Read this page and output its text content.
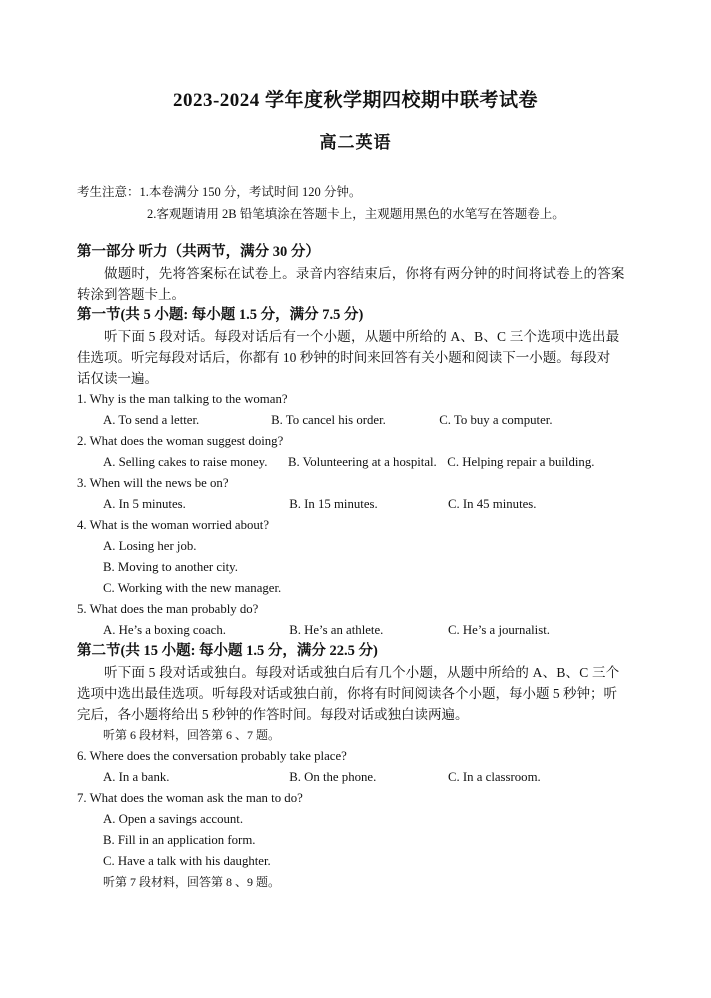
2023-2024 学年度秋学期四校期中联考试卷
高二英语
考生注意：1.本卷满分 150 分，考试时间 120 分钟。
2.客观题请用 2B 铅笔填涂在答题卡上，主观题用黑色的水笔写在答题卷上。
第一部分 听力（共两节，满分 30 分）
做题时，先将答案标在试卷上。录音内容结束后，你将有两分钟的时间将试卷上的答案
转涂到答题卡上。
第一节(共 5 小题: 每小题 1.5 分，满分 7.5 分)
听下面 5 段对话。每段对话后有一个小题，从题中所给的 A、B、C 三个选项中选出最
佳选项。听完每段对话后，你都有 10 秒钟的时间来回答有关小题和阅读下一小题。每段对
话仅读一遍。
1. Why is the man talking to the woman?
A. To send a letter.	B. To cancel his order.	C. To buy a computer.
2. What does the woman suggest doing?
A. Selling cakes to raise money.	B. Volunteering at a hospital. C. Helping repair a building.
3. When will the news be on?
A. In 5 minutes.	B. In 15 minutes.	C. In 45 minutes.
4. What is the woman worried about?
A. Losing her job.
B. Moving to another city.
C. Working with the new manager.
5. What does the man probably do?
A. He’s a boxing coach.	B. He’s an athlete.	C. He’s a journalist.
第二节(共 15 小题: 每小题 1.5 分，满分 22.5 分)
听下面 5 段对话或独白。每段对话或独白后有几个小题，从题中所给的 A、B、C 三个
选项中选出最佳选项。听每段对话或独白前，你将有时间阅读各个小题，每小题 5 秒钟；听
完后，各小题将给出 5 秒钟的作答时间。每段对话或独白读两遍。
听第 6 段材料，回答第 6 、7 题。
6. Where does the conversation probably take place?
A. In a bank.	B. On the phone.	C. In a classroom.
7. What does the woman ask the man to do?
A. Open a savings account.
B. Fill in an application form.
C. Have a talk with his daughter.
听第 7 段材料，回答第 8 、9 题。
